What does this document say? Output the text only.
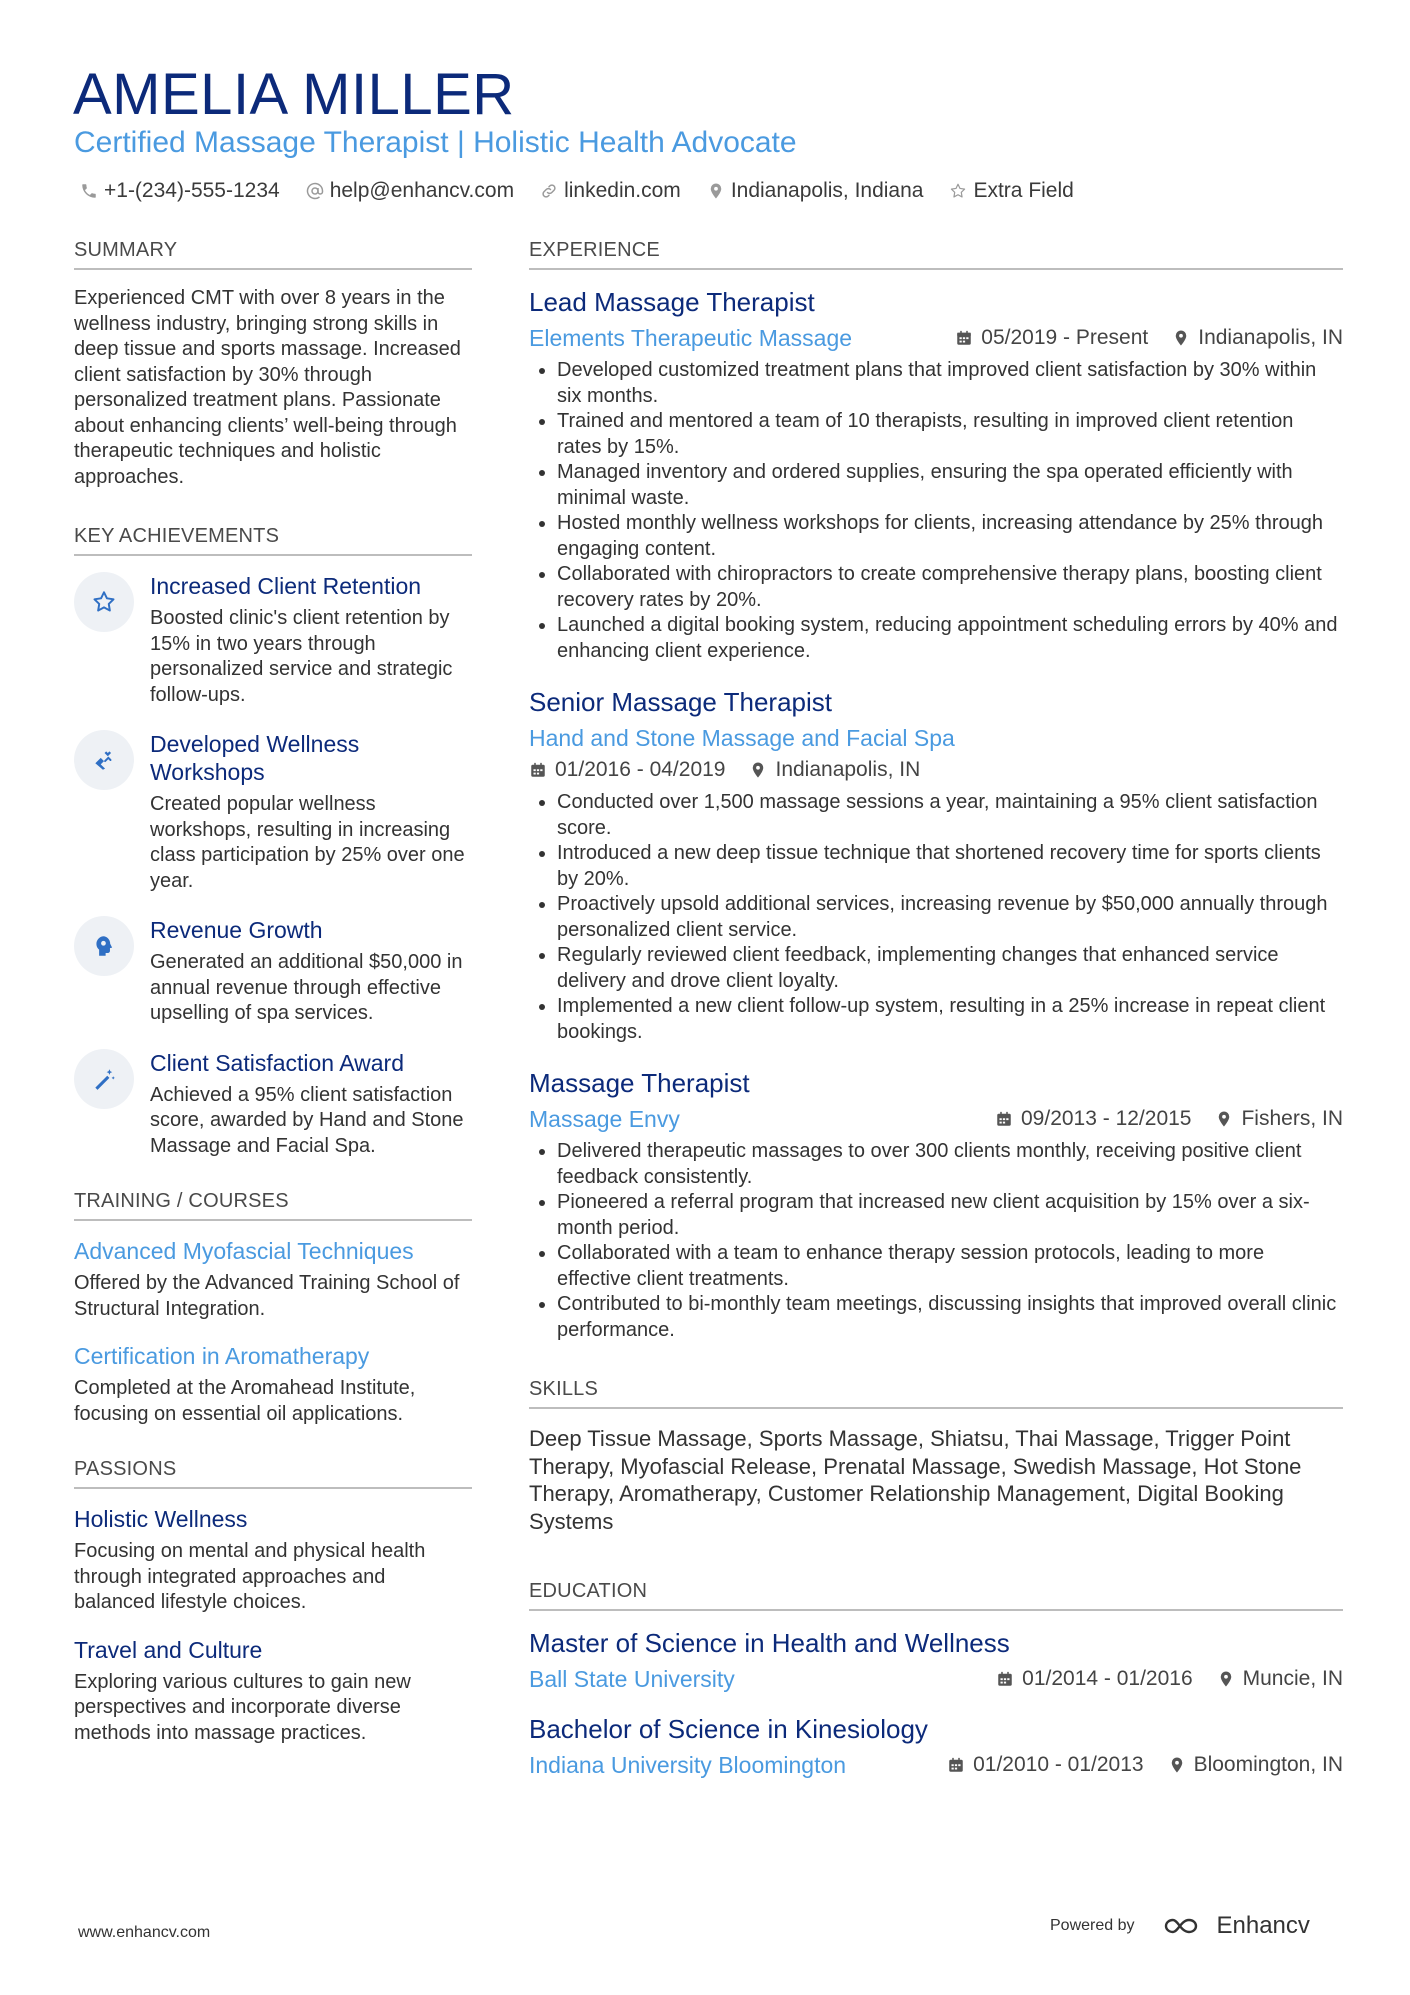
AMELIA MILLER
Certified Massage Therapist | Holistic Health Advocate
+1-(234)-555-1234 help@enhancv.com linkedin.com Indianapolis, Indiana Extra Field
SUMMARY

Experienced CMT with over 8 years in the wellness industry, bringing strong skills in deep tissue and sports massage. Increased client satisfaction by 30% through personalized treatment plans. Passionate about enhancing clients’ well-being through therapeutic techniques and holistic approaches.

KEY ACHIEVEMENTS
Increased Client Retention

Boosted clinic's client retention by 15% in two years through personalized service and strategic follow-ups.

Developed Wellness Workshops

Created popular wellness workshops, resulting in increasing class participation by 25% over one year.

Revenue Growth

Generated an additional $50,000 in annual revenue through effective upselling of spa services.

Client Satisfaction Award

Achieved a 95% client satisfaction score, awarded by Hand and Stone Massage and Facial Spa.

TRAINING / COURSES
Advanced Myofascial Techniques

Offered by the Advanced Training School of Structural Integration.

Certification in Aromatherapy

Completed at the Aromahead Institute, focusing on essential oil applications.

PASSIONS
Holistic Wellness

Focusing on mental and physical health through integrated approaches and balanced lifestyle choices.

Travel and Culture

Exploring various cultures to gain new perspectives and incorporate diverse methods into massage practices.

EXPERIENCE
Lead Massage Therapist
Elements Therapeutic Massage	05/2019 - Present Indianapolis, IN
• Developed customized treatment plans that improved client satisfaction by 30% within six months.
• Trained and mentored a team of 10 therapists, resulting in improved client retention rates by 15%.
• Managed inventory and ordered supplies, ensuring the spa operated efficiently with minimal waste.
• Hosted monthly wellness workshops for clients, increasing attendance by 25% through engaging content.
• Collaborated with chiropractors to create comprehensive therapy plans, boosting client recovery rates by 20%.
• Launched a digital booking system, reducing appointment scheduling errors by 40% and enhancing client experience.
Senior Massage Therapist
Hand and Stone Massage and Facial Spa
01/2016 - 04/2019 Indianapolis, IN
• Conducted over 1,500 massage sessions a year, maintaining a 95% client satisfaction score.
• Introduced a new deep tissue technique that shortened recovery time for sports clients by 20%.
• Proactively upsold additional services, increasing revenue by $50,000 annually through personalized client service.
• Regularly reviewed client feedback, implementing changes that enhanced service delivery and drove client loyalty.
• Implemented a new client follow-up system, resulting in a 25% increase in repeat client bookings.
Massage Therapist
Massage Envy	09/2013 - 12/2015 Fishers, IN
• Delivered therapeutic massages to over 300 clients monthly, receiving positive client feedback consistently.
• Pioneered a referral program that increased new client acquisition by 15% over a six-month period.
• Collaborated with a team to enhance therapy session protocols, leading to more effective client treatments.
• Contributed to bi-monthly team meetings, discussing insights that improved overall clinic performance.
SKILLS

Deep Tissue Massage, Sports Massage, Shiatsu, Thai Massage, Trigger Point Therapy, Myofascial Release, Prenatal Massage, Swedish Massage, Hot Stone Therapy, Aromatherapy, Customer Relationship Management, Digital Booking Systems

EDUCATION
Master of Science in Health and Wellness
Ball State University	01/2014 - 01/2016 Muncie, IN
Bachelor of Science in Kinesiology
Indiana University Bloomington	01/2010 - 01/2013 Bloomington, IN
www.enhancv.com	Powered by	Enhancv
